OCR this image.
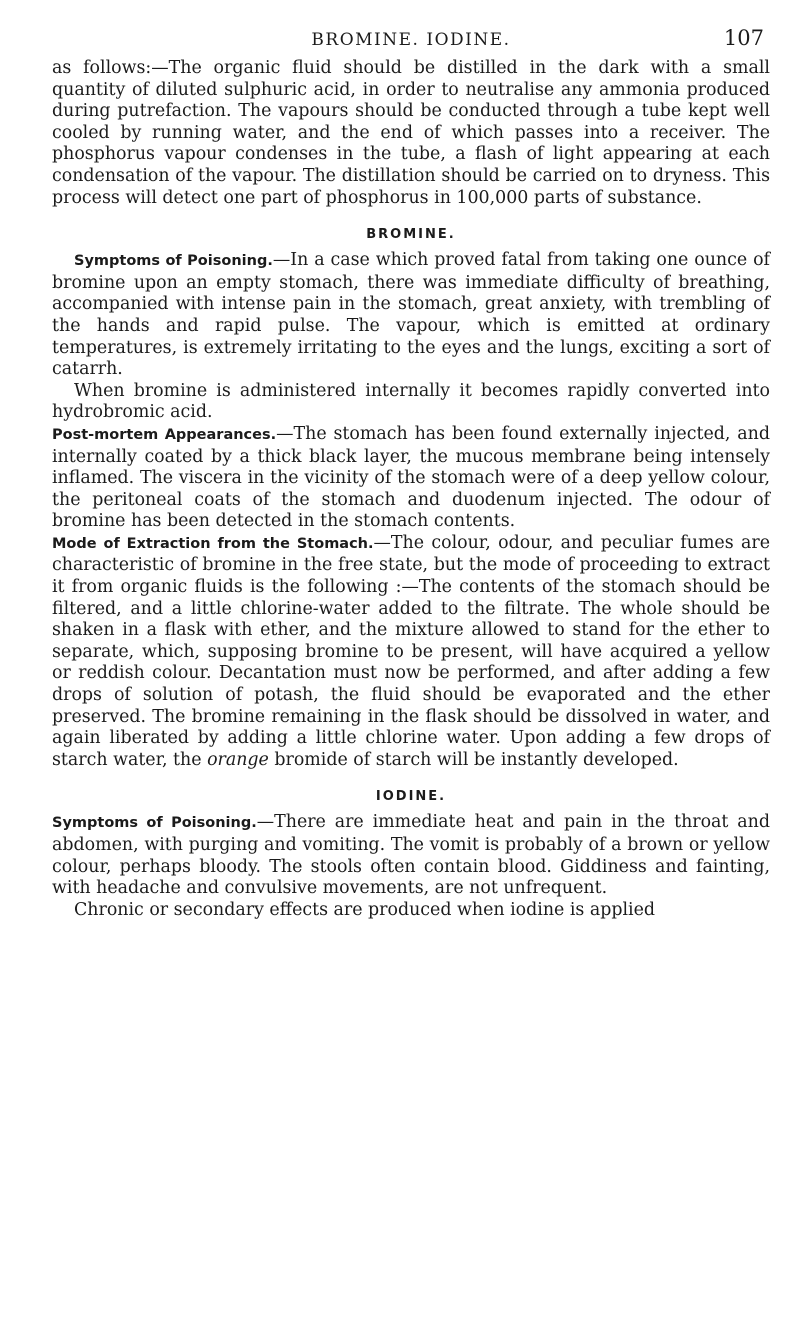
BROMINE. IODINE.	107

as follows:—The organic fluid should be distilled in the dark with a small quantity of diluted sulphuric acid, in order to neutralise any ammonia produced during putrefaction. The vapours should be conducted through a tube kept well cooled by running water, and the end of which passes into a receiver. The phosphorus vapour condenses in the tube, a flash of light appearing at each condensation of the vapour. The distillation should be carried on to dryness. This process will detect one part of phosphorus in 100,000 parts of substance.

BROMINE.

Symptoms of Poisoning.—In a case which proved fatal from taking one ounce of bromine upon an empty stomach, there was immediate difficulty of breathing, accompanied with intense pain in the stomach, great anxiety, with trembling of the hands and rapid pulse. The vapour, which is emitted at ordinary temperatures, is extremely irritating to the eyes and the lungs, exciting a sort of catarrh.

When bromine is administered internally it becomes rapidly converted into hydrobromic acid.

Post-mortem Appearances.—The stomach has been found externally injected, and internally coated by a thick black layer, the mucous membrane being intensely inflamed. The viscera in the vicinity of the stomach were of a deep yellow colour, the peritoneal coats of the stomach and duodenum injected. The odour of bromine has been detected in the stomach contents.

Mode of Extraction from the Stomach.—The colour, odour, and peculiar fumes are characteristic of bromine in the free state, but the mode of proceeding to extract it from organic fluids is the following :—The contents of the stomach should be filtered, and a little chlorine-water added to the filtrate. The whole should be shaken in a flask with ether, and the mixture allowed to stand for the ether to separate, which, supposing bromine to be present, will have acquired a yellow or reddish colour. Decantation must now be performed, and after adding a few drops of solution of potash, the fluid should be evaporated and the ether preserved. The bromine remaining in the flask should be dissolved in water, and again liberated by adding a little chlorine water. Upon adding a few drops of starch water, the orange bromide of starch will be instantly developed.

IODINE.

Symptoms of Poisoning.—There are immediate heat and pain in the throat and abdomen, with purging and vomiting. The vomit is probably of a brown or yellow colour, perhaps bloody. The stools often contain blood. Giddiness and fainting, with headache and convulsive movements, are not unfrequent.

Chronic or secondary effects are produced when iodine is applied
